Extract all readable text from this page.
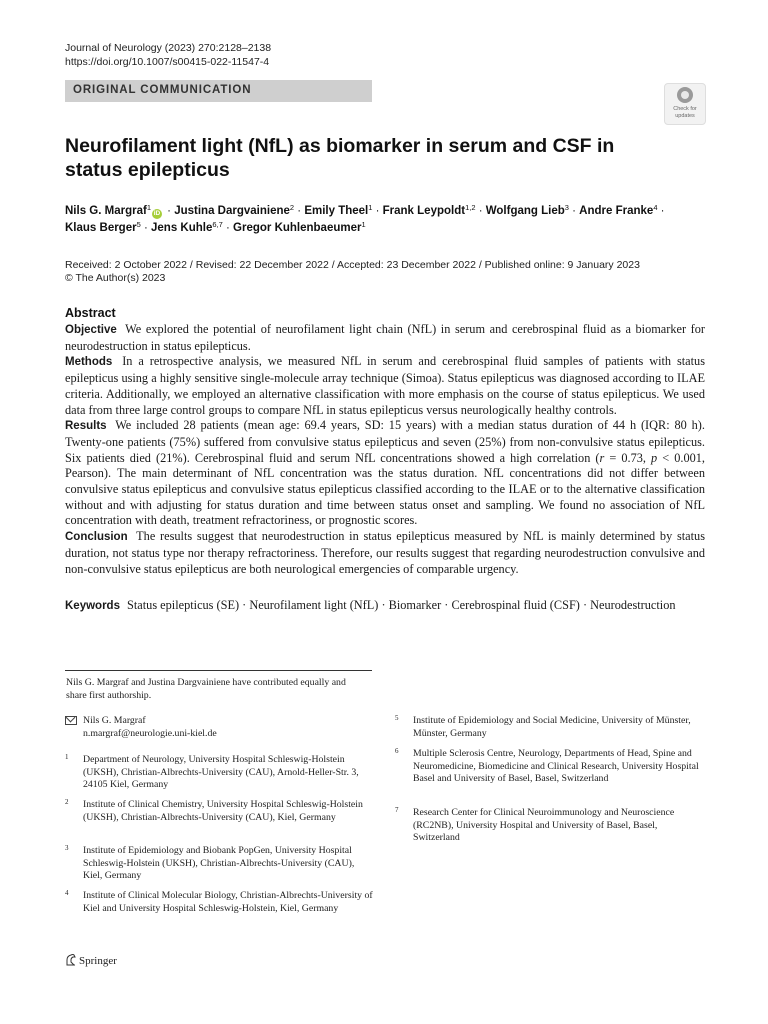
Journal of Neurology (2023) 270:2128–2138
https://doi.org/10.1007/s00415-022-11547-4
ORIGINAL COMMUNICATION
Check for
updates
Neurofilament light (NfL) as biomarker in serum and CSF in status epilepticus
Nils G. Margraf$^1$iD · Justina Dargvainiene$^2$ · Emily Theel$^1$ · Frank Leypoldt$^{1,2}$ · Wolfgang Lieb$^3$ · Andre Franke$^4$ ·
Klaus Berger$^5$ · Jens Kuhle$^{6,7}$ · Gregor Kuhlenbaeumer$^1$
Received: 2 October 2022 / Revised: 22 December 2022 / Accepted: 23 December 2022 / Published online: 9 January 2023
© The Author(s) 2023
Abstract

Objective We explored the potential of neurofilament light chain (NfL) in serum and cerebrospinal fluid as a biomarker for neurodestruction in status epilepticus.

Methods In a retrospective analysis, we measured NfL in serum and cerebrospinal fluid samples of patients with status epilepticus using a highly sensitive single-molecule array technique (Simoa). Status epilepticus was diagnosed according to ILAE criteria. Additionally, we employed an alternative classification with more emphasis on the course of status epilepticus. We used data from three large control groups to compare NfL in status epilepticus versus neurologically healthy controls.

Results We included 28 patients (mean age: 69.4 years, SD: 15 years) with a median status duration of 44 h (IQR: 80 h). Twenty-one patients (75%) suffered from convulsive status epilepticus and seven (25%) from non-convulsive status epilepticus. Six patients died (21%). Cerebrospinal fluid and serum NfL concentrations showed a high correlation (r = 0.73, p < 0.001, Pearson). The main determinant of NfL concentration was the status duration. NfL concentrations did not differ between convulsive status epilepticus and convulsive status epilepticus classified according to the ILAE or to the alternative classification without and with adjusting for status duration and time between status onset and sampling. We found no association of NfL concentration with death, treatment refractoriness, or prognostic scores.

Conclusion The results suggest that neurodestruction in status epilepticus measured by NfL is mainly determined by status duration, not status type nor therapy refractoriness. Therefore, our results suggest that regarding neurodestruction convulsive and non-convulsive status epilepticus are both neurological emergencies of comparable urgency.

Keywords Status epilepticus (SE) · Neurofilament light (NfL) · Biomarker · Cerebrospinal fluid (CSF) · Neurodestruction
Nils G. Margraf and Justina Dargvainiene have contributed equally and share first authorship.
Nils G. Margraf
n.margraf@neurologie.uni-kiel.de
1 Department of Neurology, University Hospital Schleswig-Holstein (UKSH), Christian-Albrechts-University (CAU), Arnold-Heller-Str. 3, 24105 Kiel, Germany
2 Institute of Clinical Chemistry, University Hospital Schleswig-Holstein (UKSH), Christian-Albrechts-University (CAU), Kiel, Germany
3 Institute of Epidemiology and Biobank PopGen, University Hospital Schleswig-Holstein (UKSH), Christian-Albrechts-University (CAU), Kiel, Germany
4 Institute of Clinical Molecular Biology, Christian-Albrechts-University of Kiel and University Hospital Schleswig-Holstein, Kiel, Germany
5 Institute of Epidemiology and Social Medicine, University of Münster, Münster, Germany
6 Multiple Sclerosis Centre, Neurology, Departments of Head, Spine and Neuromedicine, Biomedicine and Clinical Research, University Hospital Basel and University of Basel, Basel, Switzerland
7 Research Center for Clinical Neuroimmunology and Neuroscience (RC2NB), University Hospital and University of Basel, Basel, Switzerland
Springer
